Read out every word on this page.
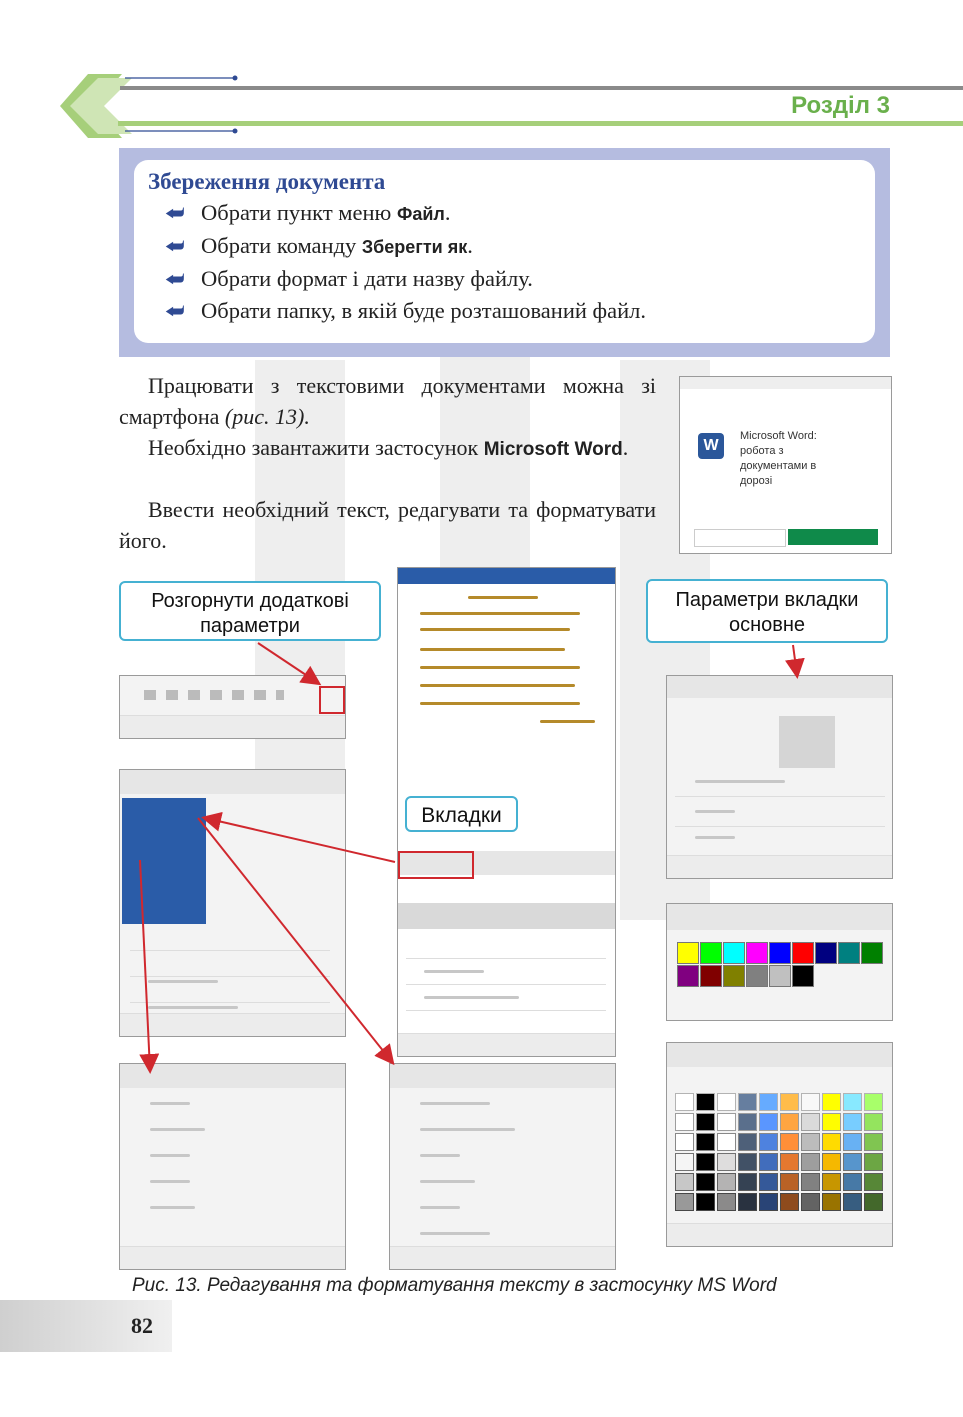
Розділ 3
Збереження документа
⮨ Обрати пункт меню Файл.
⮨ Обрати команду Зберегти як.
⮨ Обрати формат і дати назву файлу.
⮨ Обрати папку, в якій буде розташований файл.
Працювати з текстовими документами можна зі смартфона (рис. 13).
Необхідно завантажити застосунок Microsoft Word.
Ввести необхідний текст, редагувати та форматувати його.
W
Microsoft Word: робота з документами в дорозі
Розгорнути додаткові параметри
Параметри вкладки основне
Вкладки
Рис. 13. Редагування та форматування тексту в застосунку MS Word
82
